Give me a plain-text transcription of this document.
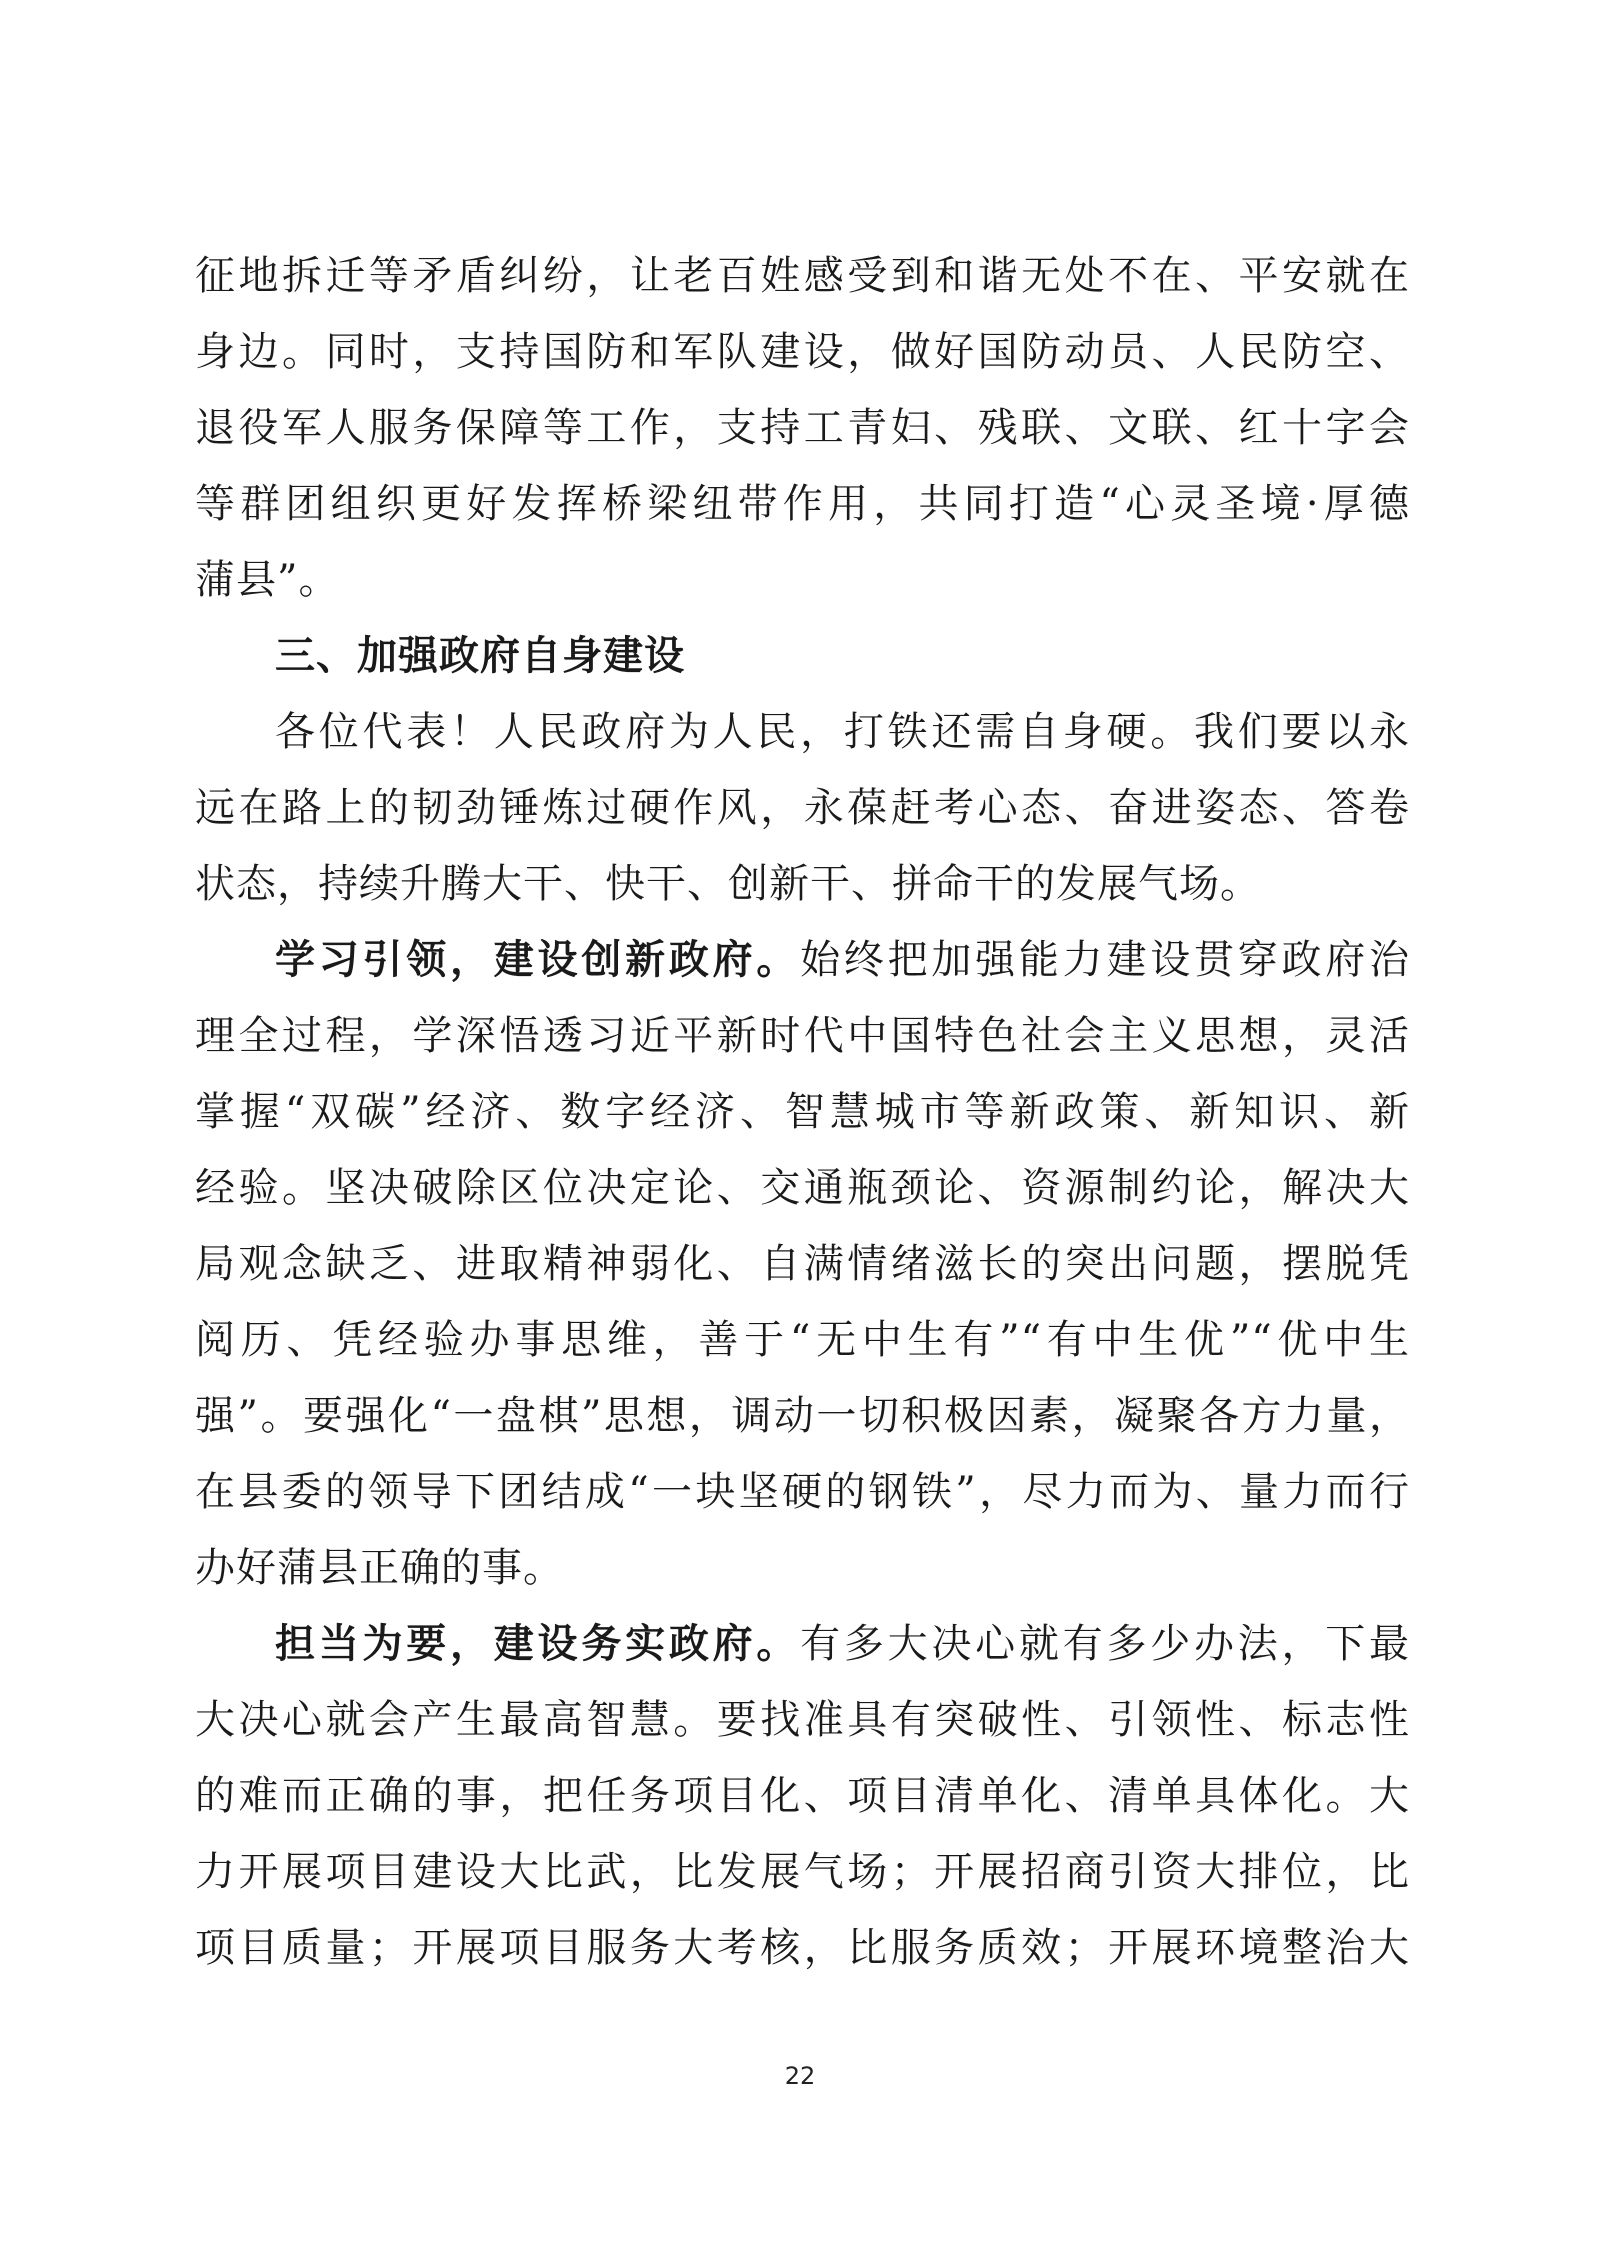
征地拆迁等矛盾纠纷，让老百姓感受到和谐无处不在、平安就在
身边。同时，支持国防和军队建设，做好国防动员、人民防空、
退役军人服务保障等工作，支持工青妇、残联、文联、红十字会
等群团组织更好发挥桥梁纽带作用，共同打造“心灵圣境·厚德
蒲县”。
三、加强政府自身建设
各位代表！人民政府为人民，打铁还需自身硬。我们要以永
远在路上的韧劲锤炼过硬作风，永葆赶考心态、奋进姿态、答卷
状态，持续升腾大干、快干、创新干、拼命干的发展气场。
学习引领，建设创新政府。始终把加强能力建设贯穿政府治
理全过程，学深悟透习近平新时代中国特色社会主义思想，灵活
掌握“双碳”经济、数字经济、智慧城市等新政策、新知识、新
经验。坚决破除区位决定论、交通瓶颈论、资源制约论，解决大
局观念缺乏、进取精神弱化、自满情绪滋长的突出问题，摆脱凭
阅历、凭经验办事思维，善于“无中生有”“有中生优”“优中生
强”。要强化“一盘棋”思想，调动一切积极因素，凝聚各方力量，
在县委的领导下团结成“一块坚硬的钢铁”，尽力而为、量力而行
办好蒲县正确的事。
担当为要，建设务实政府。有多大决心就有多少办法，下最
大决心就会产生最高智慧。要找准具有突破性、引领性、标志性
的难而正确的事，把任务项目化、项目清单化、清单具体化。大
力开展项目建设大比武，比发展气场；开展招商引资大排位，比
项目质量；开展项目服务大考核，比服务质效；开展环境整治大
22
